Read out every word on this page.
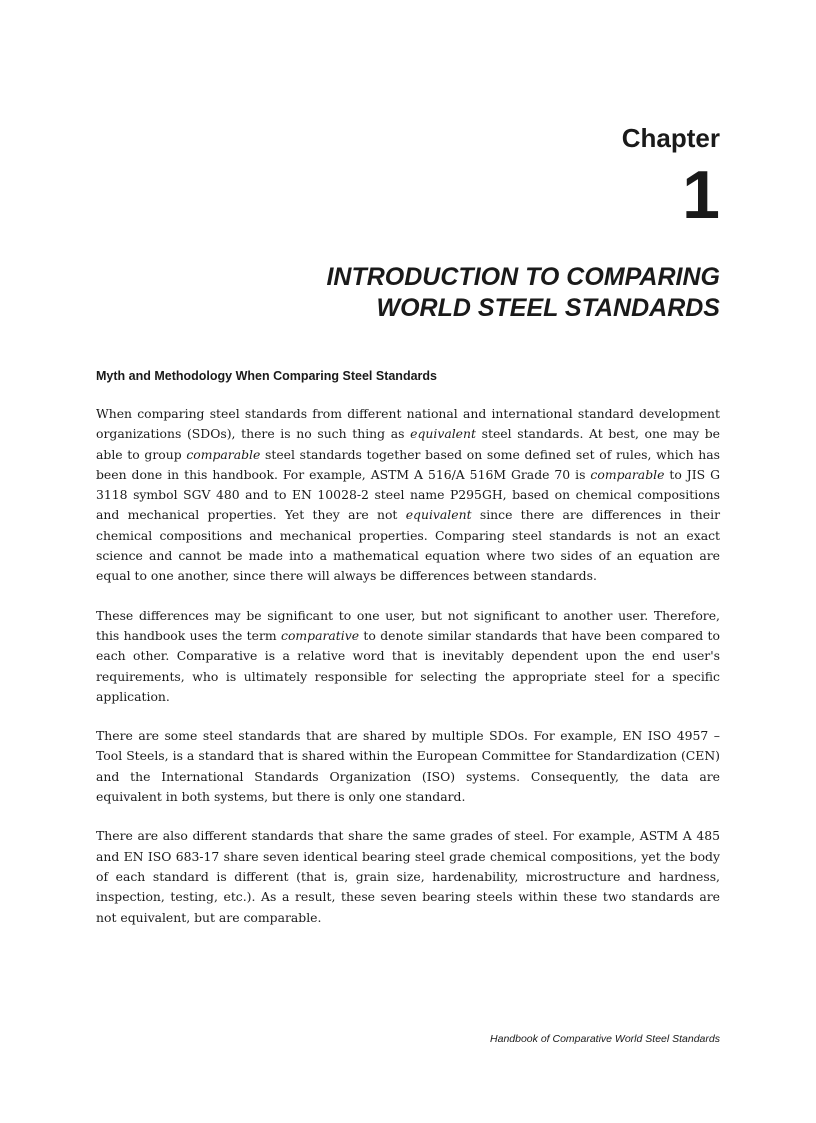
Chapter

1

INTRODUCTION TO COMPARING
WORLD STEEL STANDARDS
Myth and Methodology When Comparing Steel Standards

When comparing steel standards from different national and international standard development organizations (SDOs), there is no such thing as equivalent steel standards. At best, one may be able to group comparable steel standards together based on some defined set of rules, which has been done in this handbook. For example, ASTM A 516/A 516M Grade 70 is comparable to JIS G 3118 symbol SGV 480 and to EN 10028-2 steel name P295GH, based on chemical compositions and mechanical properties. Yet they are not equivalent since there are differences in their chemical compositions and mechanical properties. Comparing steel standards is not an exact science and cannot be made into a mathematical equation where two sides of an equation are equal to one another, since there will always be differences between standards.

These differences may be significant to one user, but not significant to another user. Therefore, this handbook uses the term comparative to denote similar standards that have been compared to each other. Comparative is a relative word that is inevitably dependent upon the end user's requirements, who is ultimately responsible for selecting the appropriate steel for a specific application.

There are some steel standards that are shared by multiple SDOs. For example, EN ISO 4957 – Tool Steels, is a standard that is shared within the European Committee for Standardization (CEN) and the International Standards Organization (ISO) systems. Consequently, the data are equivalent in both systems, but there is only one standard.

There are also different standards that share the same grades of steel. For example, ASTM A 485 and EN ISO 683-17 share seven identical bearing steel grade chemical compositions, yet the body of each standard is different (that is, grain size, hardenability, microstructure and hardness, inspection, testing, etc.). As a result, these seven bearing steels within these two standards are not equivalent, but are comparable.

Handbook of Comparative World Steel Standards
